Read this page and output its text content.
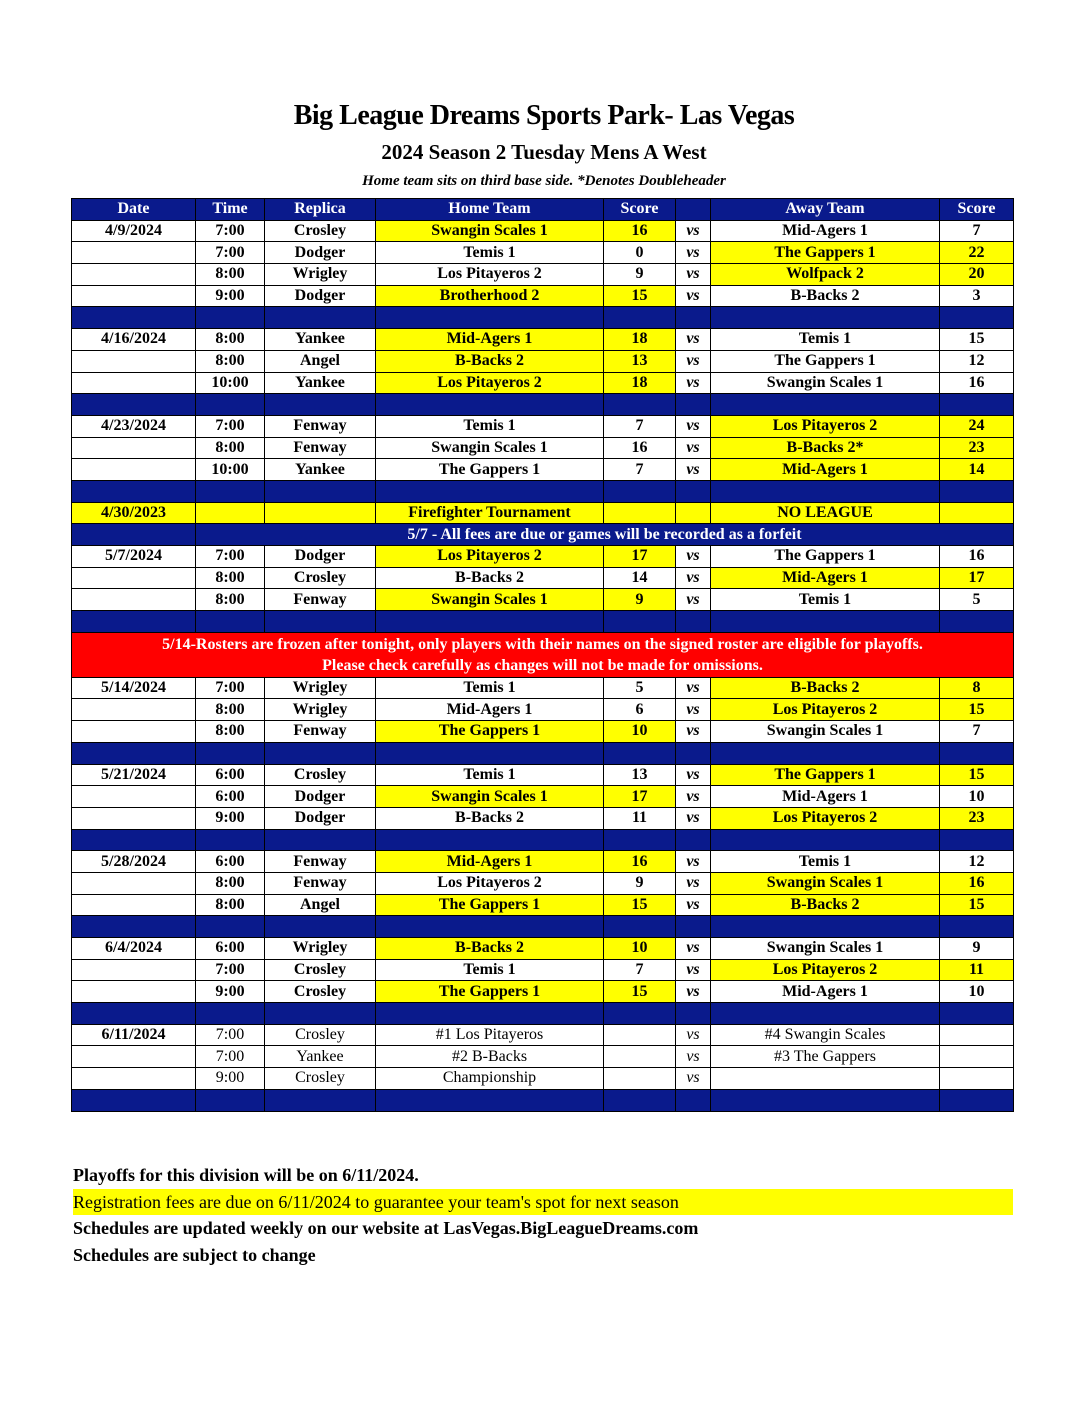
Big League Dreams Sports Park- Las Vegas
2024 Season 2 Tuesday Mens A West
Home team sits on third base side. *Denotes Doubleheader
Date	Time	Replica	Home Team	Score		Away Team	Score
4/9/2024	7:00	Crosley	Swangin Scales 1	16	vs	Mid-Agers 1	7
	7:00	Dodger	Temis 1	0	vs	The Gappers 1	22
	8:00	Wrigley	Los Pitayeros 2	9	vs	Wolfpack 2	20
	9:00	Dodger	Brotherhood 2	15	vs	B-Backs 2	3

4/16/2024	8:00	Yankee	Mid-Agers 1	18	vs	Temis 1	15
	8:00	Angel	B-Backs 2	13	vs	The Gappers 1	12
	10:00	Yankee	Los Pitayeros 2	18	vs	Swangin Scales 1	16

4/23/2024	7:00	Fenway	Temis 1	7	vs	Los Pitayeros 2	24
	8:00	Fenway	Swangin Scales 1	16	vs	B-Backs 2*	23
	10:00	Yankee	The Gappers 1	7	vs	Mid-Agers 1	14

4/30/2023			Firefighter Tournament			NO LEAGUE	
	5/7 - All fees are due or games will be recorded as a forfeit						
5/7/2024	7:00	Dodger	Los Pitayeros 2	17	vs	The Gappers 1	16
	8:00	Crosley	B-Backs 2	14	vs	Mid-Agers 1	17
	8:00	Fenway	Swangin Scales 1	9	vs	Temis 1	5

5/14-Rosters are frozen after tonight, only players with their names on the signed roster are eligible for playoffs.
Please check carefully as changes will not be made for omissions.							

5/14/2024	7:00	Wrigley	Temis 1	5	vs	B-Backs 2	8
	8:00	Wrigley	Mid-Agers 1	6	vs	Los Pitayeros 2	15
	8:00	Fenway	The Gappers 1	10	vs	Swangin Scales 1	7

5/21/2024	6:00	Crosley	Temis 1	13	vs	The Gappers 1	15
	6:00	Dodger	Swangin Scales 1	17	vs	Mid-Agers 1	10
	9:00	Dodger	B-Backs 2	11	vs	Los Pitayeros 2	23

5/28/2024	6:00	Fenway	Mid-Agers 1	16	vs	Temis 1	12
	8:00	Fenway	Los Pitayeros 2	9	vs	Swangin Scales 1	16
	8:00	Angel	The Gappers 1	15	vs	B-Backs 2	15

6/4/2024	6:00	Wrigley	B-Backs 2	10	vs	Swangin Scales 1	9
	7:00	Crosley	Temis 1	7	vs	Los Pitayeros 2	11
	9:00	Crosley	The Gappers 1	15	vs	Mid-Agers 1	10

6/11/2024	7:00	Crosley	#1 Los Pitayeros		vs	#4 Swangin Scales	
	7:00	Yankee	#2 B-Backs		vs	#3 The Gappers	
	9:00	Crosley	Championship		vs		

Playoffs for this division will be on 6/11/2024.
Registration fees are due on 6/11/2024 to guarantee your team's spot for next season
Schedules are updated weekly on our website at LasVegas.BigLeagueDreams.com
Schedules are subject to change
